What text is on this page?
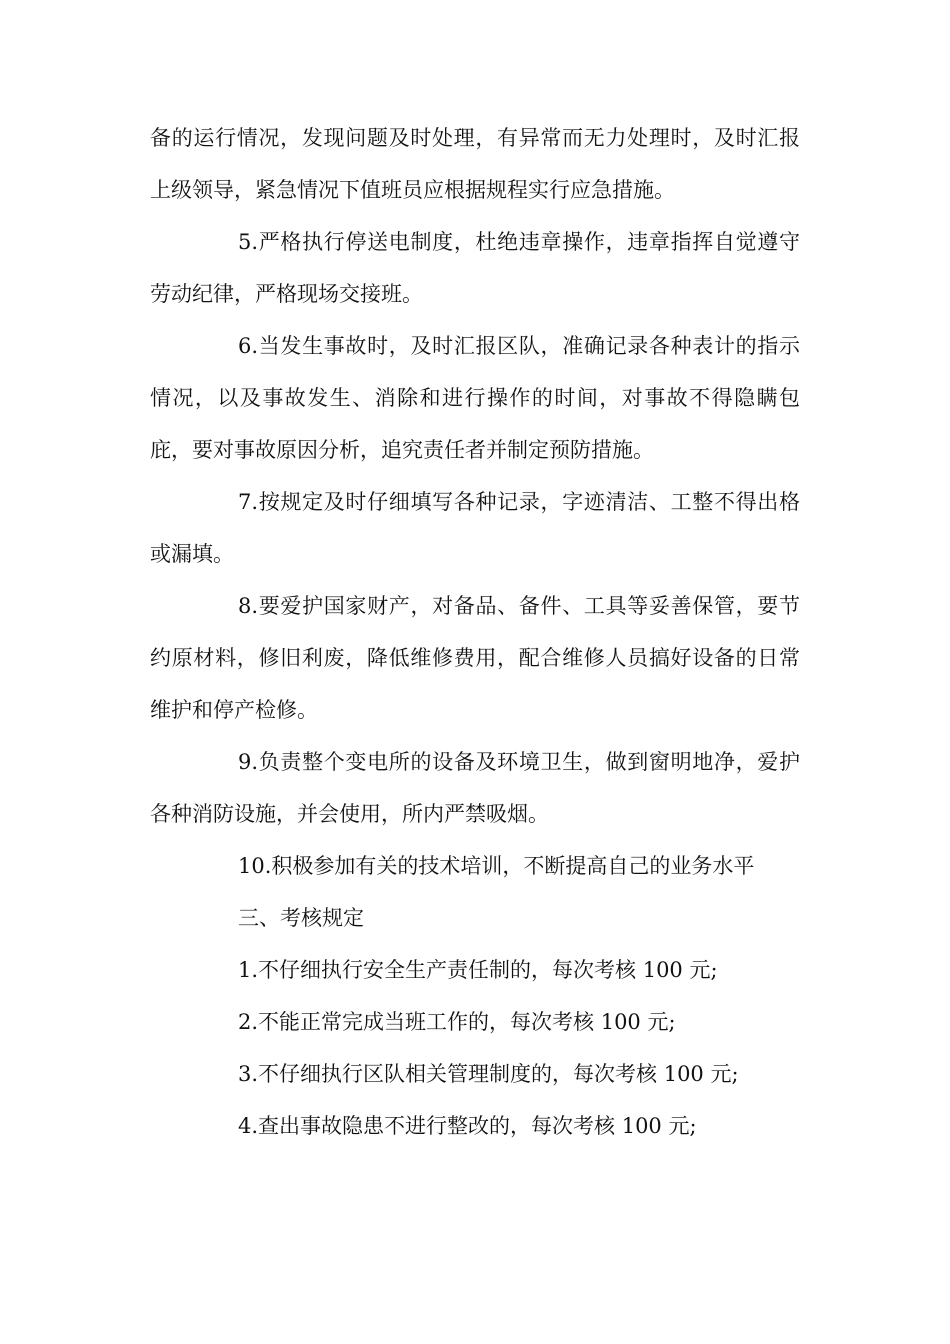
备的运行情况，发现问题及时处理，有异常而无力处理时，及时汇报上级领导，紧急情况下值班员应根据规程实行应急措施。

5.严格执行停送电制度，杜绝违章操作，违章指挥自觉遵守劳动纪律，严格现场交接班。

6.当发生事故时，及时汇报区队，准确记录各种表计的指示情况，以及事故发生、消除和进行操作的时间，对事故不得隐瞒包庇，要对事故原因分析，追究责任者并制定预防措施。

7.按规定及时仔细填写各种记录，字迹清洁、工整不得出格或漏填。

8.要爱护国家财产，对备品、备件、工具等妥善保管，要节约原材料，修旧利废，降低维修费用，配合维修人员搞好设备的日常维护和停产检修。

9.负责整个变电所的设备及环境卫生，做到窗明地净，爱护各种消防设施，并会使用，所内严禁吸烟。

10.积极参加有关的技术培训，不断提高自己的业务水平

三、考核规定

1.不仔细执行安全生产责任制的，每次考核 100 元;

2.不能正常完成当班工作的，每次考核 100 元;

3.不仔细执行区队相关管理制度的，每次考核 100 元;

4.查出事故隐患不进行整改的，每次考核 100 元;
